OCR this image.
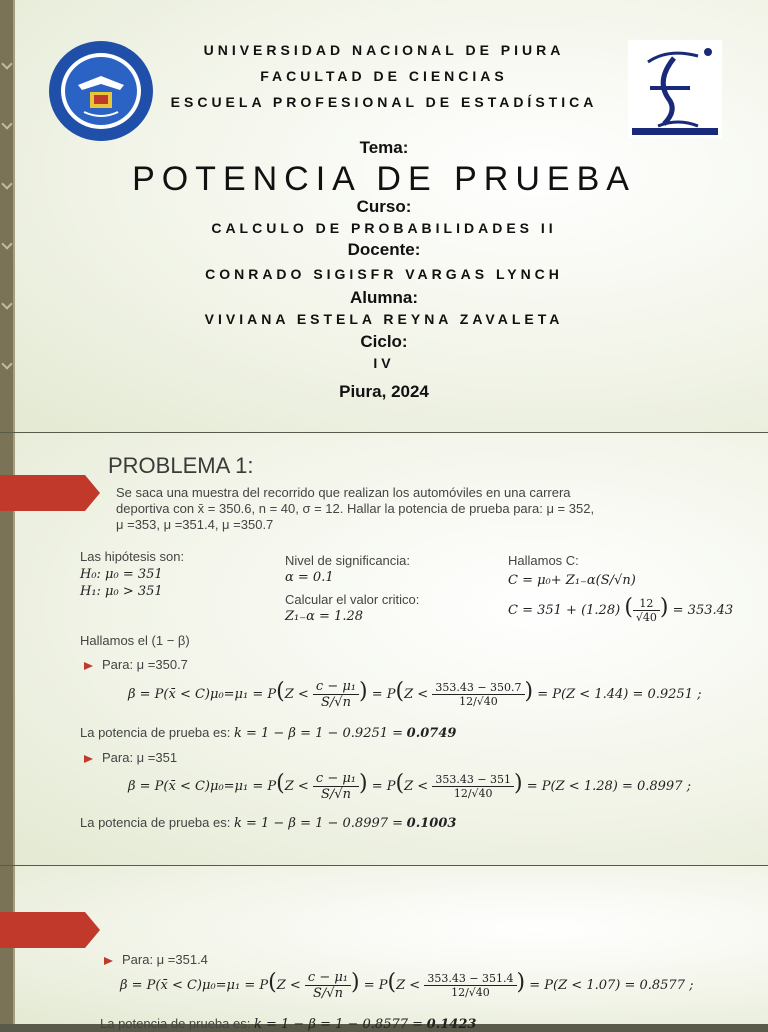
UNIVERSIDAD NACIONAL DE PIURA
FACULTAD DE CIENCIAS
ESCUELA PROFESIONAL DE ESTADÍSTICA
Tema:
POTENCIA DE PRUEBA
Curso:
CALCULO DE PROBABILIDADES II
Docente:
CONRADO SIGISFR VARGAS LYNCH
Alumna:
VIVIANA ESTELA REYNA ZAVALETA
Ciclo:
IV
Piura, 2024
PROBLEMA 1:
Se saca una muestra del recorrido que realizan los automóviles en una carrera
deportiva con x̄ = 350.6, n = 40, σ = 12. Hallar la potencia de prueba para: μ = 352,
μ =353, μ =351.4, μ =350.7
Las hipótesis son:
H₀: μ₀ = 351
H₁: μ₀ > 351
Nivel de significancia:
α = 0.1
Calcular el valor critico:
Z₁₋α = 1.28
Hallamos C:
C = μ₀+ Z₁₋α(S/√n)
C = 351 + (1.28) ( $\frac{12}{√40}$ ) = 353.43
Hallamos el (1 − β)
Para: μ =350.7
β = P(x̄ < $C)\mu_0=\mu_1 = P(Z < \frac{\text{c − μ₁}}{S/√n}$ ) = $P(Z < \frac{353.43 - 350.7}{12/√40}$ ) = P(Z < 1.44) = 0.9251 ;
La potencia de prueba es: k = 1 − β = 1 − 0.9251 = 0.0749
Para: μ =351
β = P(x̄ < $C)\mu_0=\mu_1 = P(Z < \frac{\text{c − μ₁}}{S/√n}$ ) = $P(Z < \frac{353.43 - 351}{12/√40}$ ) = P(Z < 1.28) = 0.8997 ;
La potencia de prueba es: k = 1 − β = 1 − 0.8997 = 0.1003
Para: μ =351.4
β = P(x̄ < $C)\mu_0=\mu_1 = P(Z < \frac{\text{c − μ₁}}{S/√n}$ ) = $P(Z < \frac{353.43 - 351.4}{12/√40}$ ) = P(Z < 1.07) = 0.8577 ;
La potencia de prueba es: k = 1 − β = 1 − 0.8577 = 0.1423
